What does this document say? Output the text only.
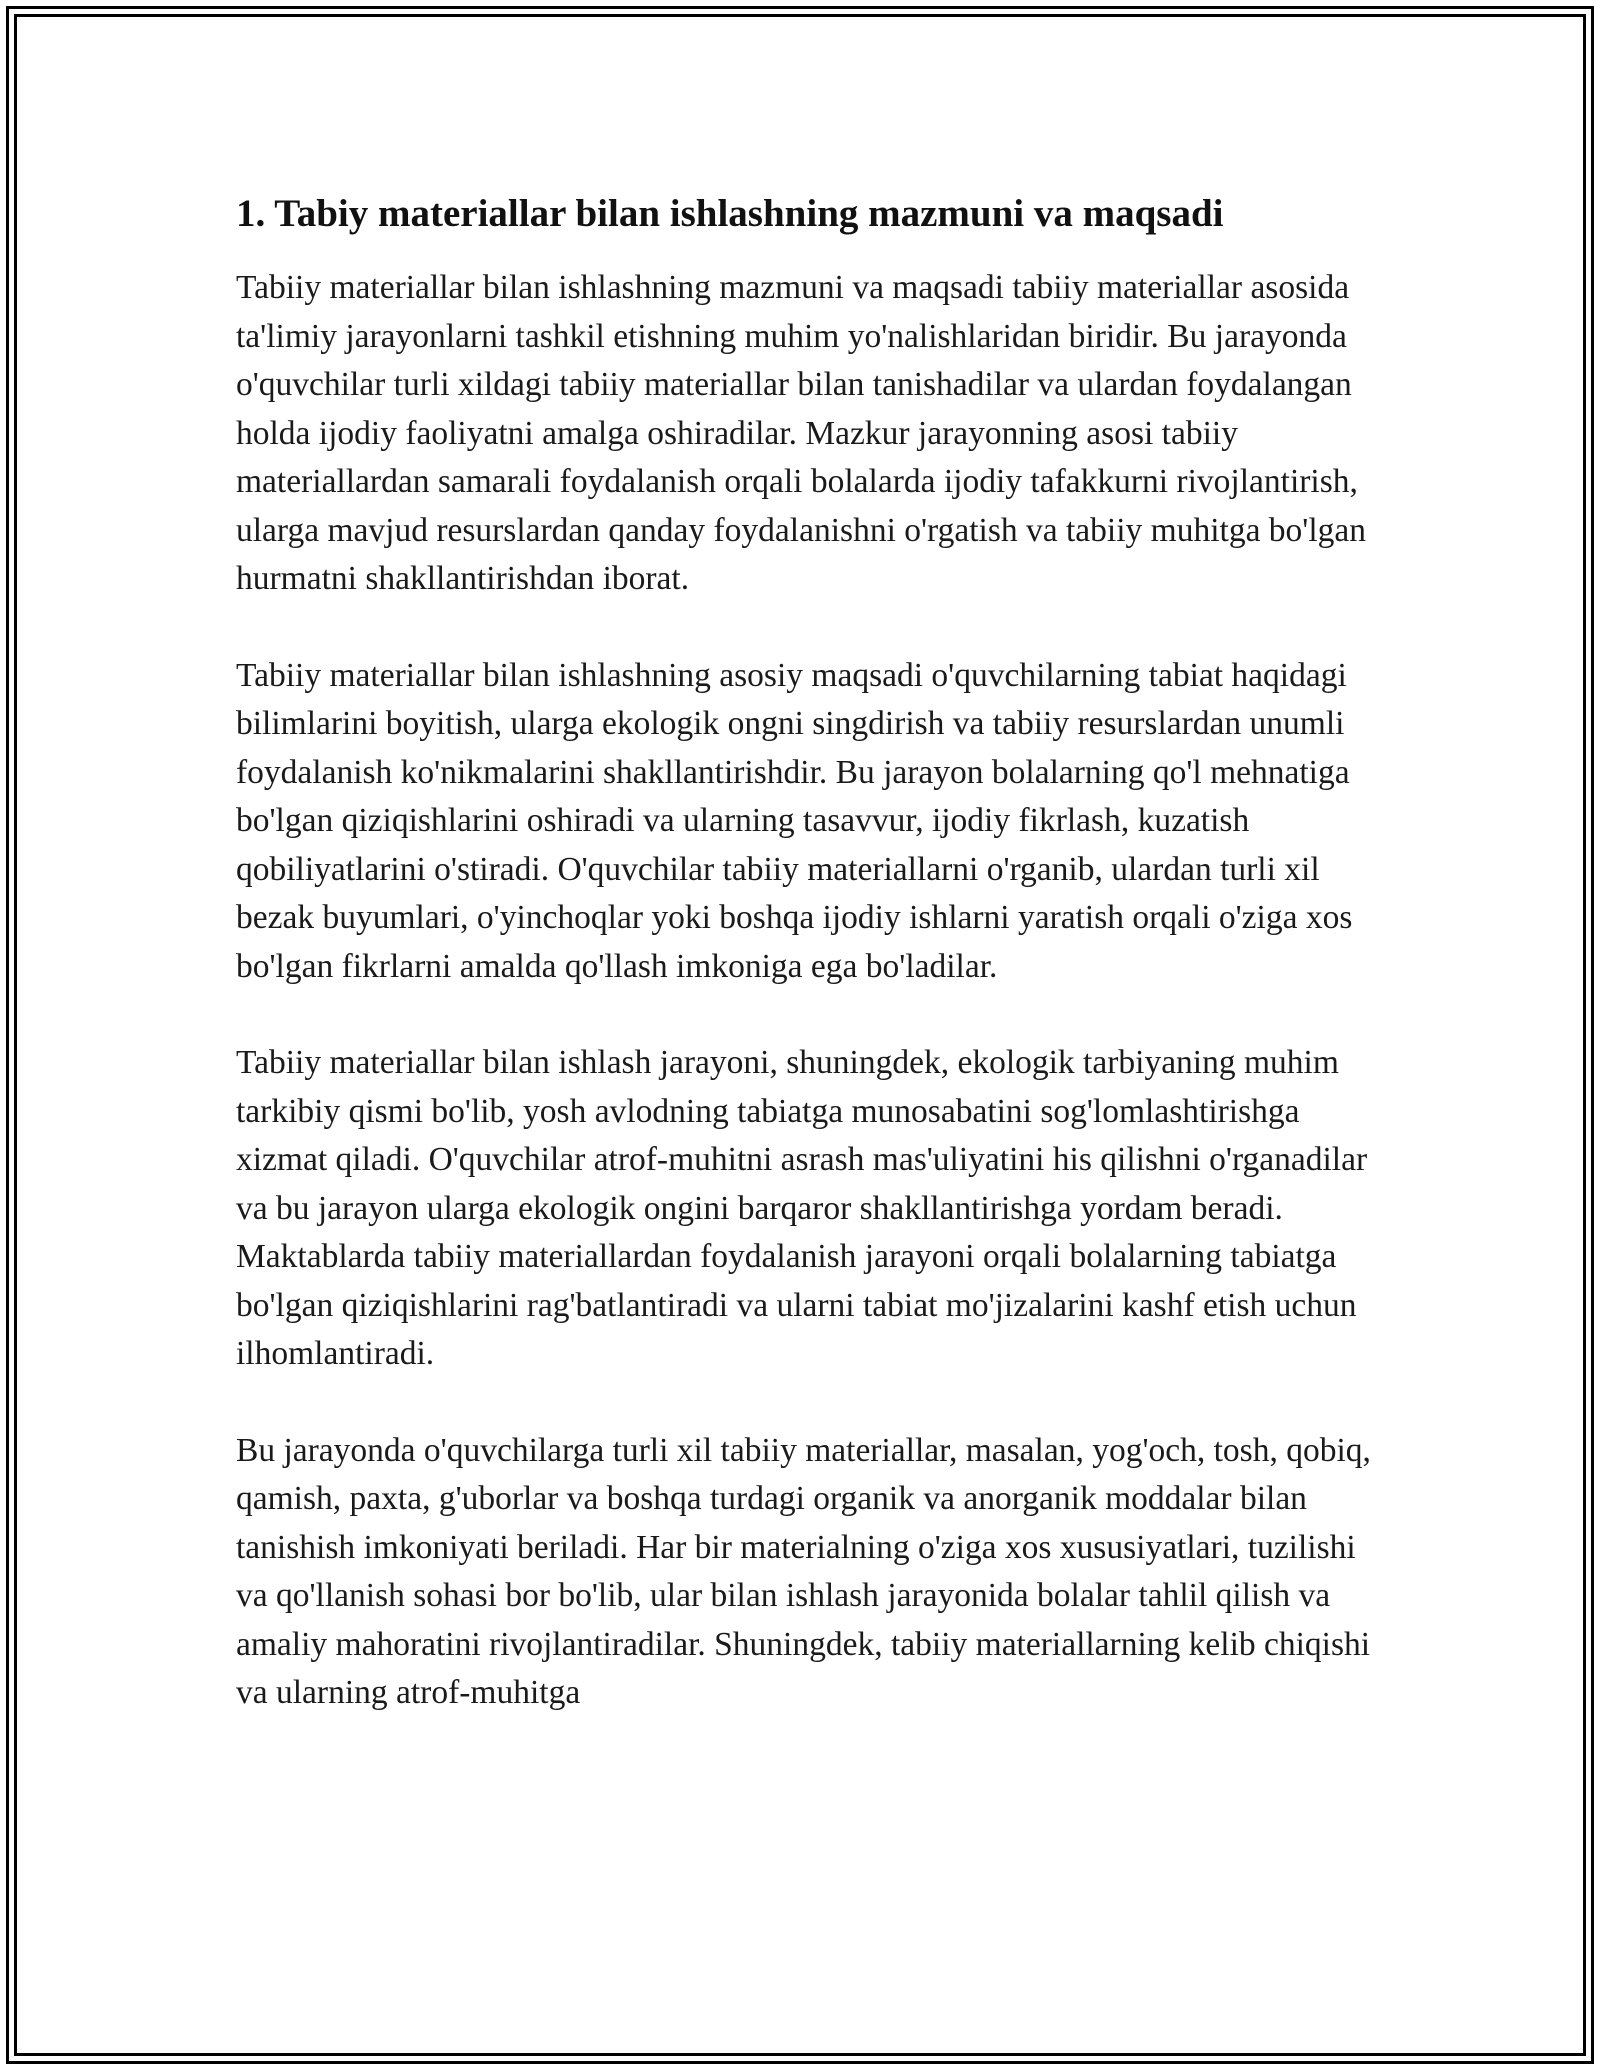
1. Tabiy materiallar bilan ishlashning mazmuni va maqsadi

Tabiiy materiallar bilan ishlashning mazmuni va maqsadi tabiiy materiallar asosida ta'limiy jarayonlarni tashkil etishning muhim yo'nalishlaridan biridir. Bu jarayonda o'quvchilar turli xildagi tabiiy materiallar bilan tanishadilar va ulardan foydalangan holda ijodiy faoliyatni amalga oshiradilar. Mazkur jarayonning asosi tabiiy materiallardan samarali foydalanish orqali bolalarda ijodiy tafakkurni rivojlantirish, ularga mavjud resurslardan qanday foydalanishni o'rgatish va tabiiy muhitga bo'lgan hurmatni shakllantirishdan iborat.

Tabiiy materiallar bilan ishlashning asosiy maqsadi o'quvchilarning tabiat haqidagi bilimlarini boyitish, ularga ekologik ongni singdirish va tabiiy resurslardan unumli foydalanish ko'nikmalarini shakllantirishdir. Bu jarayon bolalarning qo'l mehnatiga bo'lgan qiziqishlarini oshiradi va ularning tasavvur, ijodiy fikrlash, kuzatish qobiliyatlarini o'stiradi. O'quvchilar tabiiy materiallarni o'rganib, ulardan turli xil bezak buyumlari, o'yinchoqlar yoki boshqa ijodiy ishlarni yaratish orqali o'ziga xos bo'lgan fikrlarni amalda qo'llash imkoniga ega bo'ladilar.

Tabiiy materiallar bilan ishlash jarayoni, shuningdek, ekologik tarbiyaning muhim tarkibiy qismi bo'lib, yosh avlodning tabiatga munosabatini sog'lomlashtirishga xizmat qiladi. O'quvchilar atrof-muhitni asrash mas'uliyatini his qilishni o'rganadilar va bu jarayon ularga ekologik ongini barqaror shakllantirishga yordam beradi. Maktablarda tabiiy materiallardan foydalanish jarayoni orqali bolalarning tabiatga bo'lgan qiziqishlarini rag'batlantiradi va ularni tabiat mo'jizalarini kashf etish uchun ilhomlantiradi.

Bu jarayonda o'quvchilarga turli xil tabiiy materiallar, masalan, yog'och, tosh, qobiq, qamish, paxta, g'uborlar va boshqa turdagi organik va anorganik moddalar bilan tanishish imkoniyati beriladi. Har bir materialning o'ziga xos xususiyatlari, tuzilishi va qo'llanish sohasi bor bo'lib, ular bilan ishlash jarayonida bolalar tahlil qilish va amaliy mahoratini rivojlantiradilar. Shuningdek, tabiiy materiallarning kelib chiqishi va ularning atrof-muhitga
